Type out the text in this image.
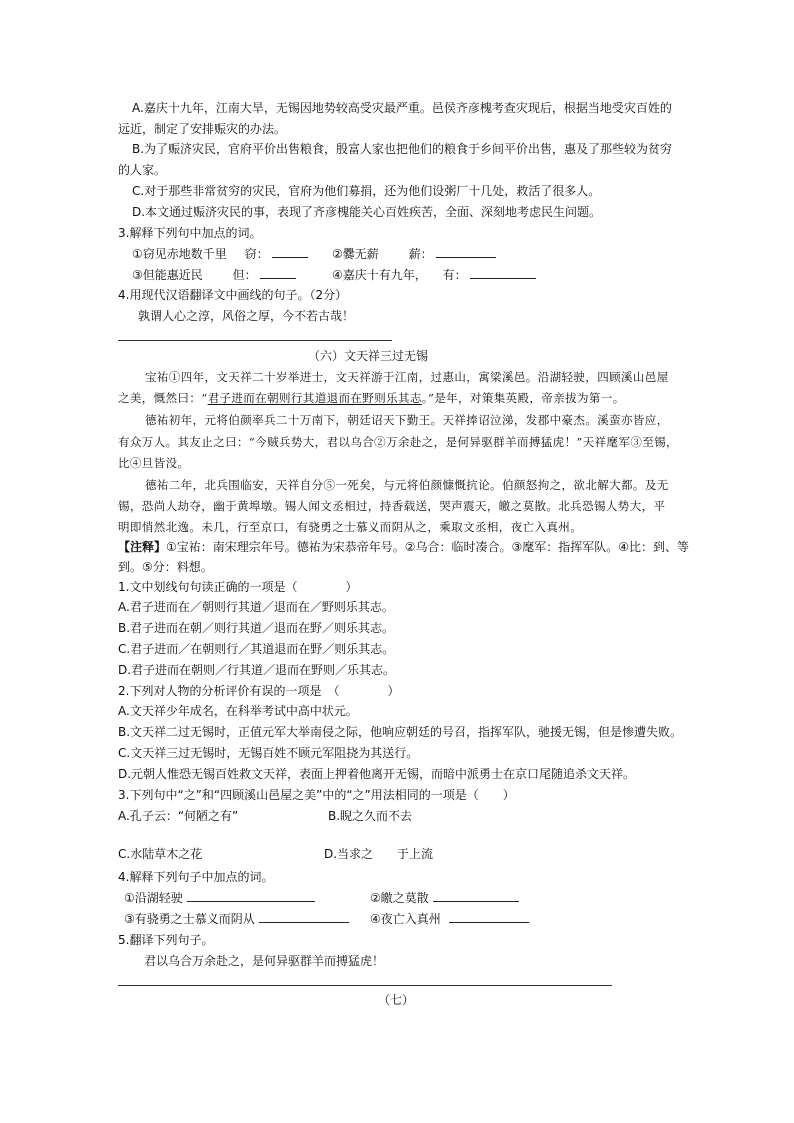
A.嘉庆十九年，江南大旱，无锡因地势较高受灾最严重。邑侯齐彦槐考查灾现后，根据当地受灾百姓的
远近，制定了安排赈灾的办法。
B.为了赈济灾民，官府平价出售粮食，殷富人家也把他们的粮食于乡间平价出售，惠及了那些较为贫穷
的人家。
C.对于那些非常贫穷的灾民，官府为他们募捐，还为他们设粥厂十几处，救活了很多人。
D.本文通过赈济灾民的事，表现了齐彦槐能关心百姓疾苦，全面、深刻地考虑民生问题。
3.解释下列句中加点的词。
①窃见赤地数千里 窃：	②爨无薪 薪：
③但能惠近民 但：	④嘉庆十有九年， 有：
4.用现代汉语翻译文中画线的句子。（2分）
孰谓人心之淳，风俗之厚，今不若古哉！
（六）文天祥三过无锡
宝祐①四年，文天祥二十岁举进士，文天祥游于江南，过惠山，寓梁溪邑。沿湖轻驶，四顾溪山邑屋
之美，慨然曰：“君子进而在朝则行其道退而在野则乐其志。”是年，对策集英殿，帝亲拔为第一。
德祐初年，元将伯颜率兵二十万南下，朝廷诏天下勤王。天祥捧诏泣涕，发郡中豪杰。溪蛮亦皆应，
有众万人。其友止之曰：“今贼兵势大，君以乌合②万余赴之，是何异驱群羊而搏猛虎！”天祥麾军③至锡，
比④旦皆没。
德祐二年，北兵围临安，天祥自分⑤一死矣，与元将伯颜慷慨抗论。伯颜怒拘之，欲北解大都。及无
锡，恐尚人劫夺，幽于黄埠墩。锡人闻文丞相过，持香载送，哭声震天，皦之莫散。北兵恐锡人势大，平
明即悄然北逸。未几，行至京口，有骁勇之士慕义而阴从之，乘取文丞相，夜亡入真州。
【注释】①宝祐：南宋理宗年号。德祐为宋恭帝年号。②乌合：临时凑合。③麾军：指挥军队。④比：到、等
到。⑤分：料想。
1.文中划线句句读正确的一项是（　　　　）
A.君子进而在／朝则行其道／退而在／野则乐其志。
B.君子进而在朝／则行其道／退而在野／则乐其志。
C.君子进而／在朝则行／其道退而在野／则乐其志。
D.君子进而在朝则／行其道／退而在野则／乐其志。
2.下列对人物的分析评价有误的一项是　（　　　　）
A.文天祥少年成名，在科举考试中高中状元。
B.文天祥二过无锡时，正值元军大举南侵之际，他响应朝廷的号召，指挥军队，驰援无锡，但是惨遭失败。
C.文天祥三过无锡时，无锡百姓不顾元军阻挠为其送行。
D.元朝人惟恐无锡百姓救文天祥，表面上押着他离开无锡，而暗中派勇士在京口尾随追杀文天祥。
3.下列句中“之”和“四顾溪山邑屋之美”中的“之”用法相同的一项是（　　）
A.孔子云：“何陋之有”	B.睨之久而不去
C.水陆草木之花	D.当求之　　于上流
4.解释下列句子中加点的词。
①沿湖轻驶	②皦之莫散
③有骁勇之士慕义而阴从	④夜亡入真州
5.翻译下列句子。
君以乌合万余赴之，是何异驱群羊而搏猛虎！
（七）
